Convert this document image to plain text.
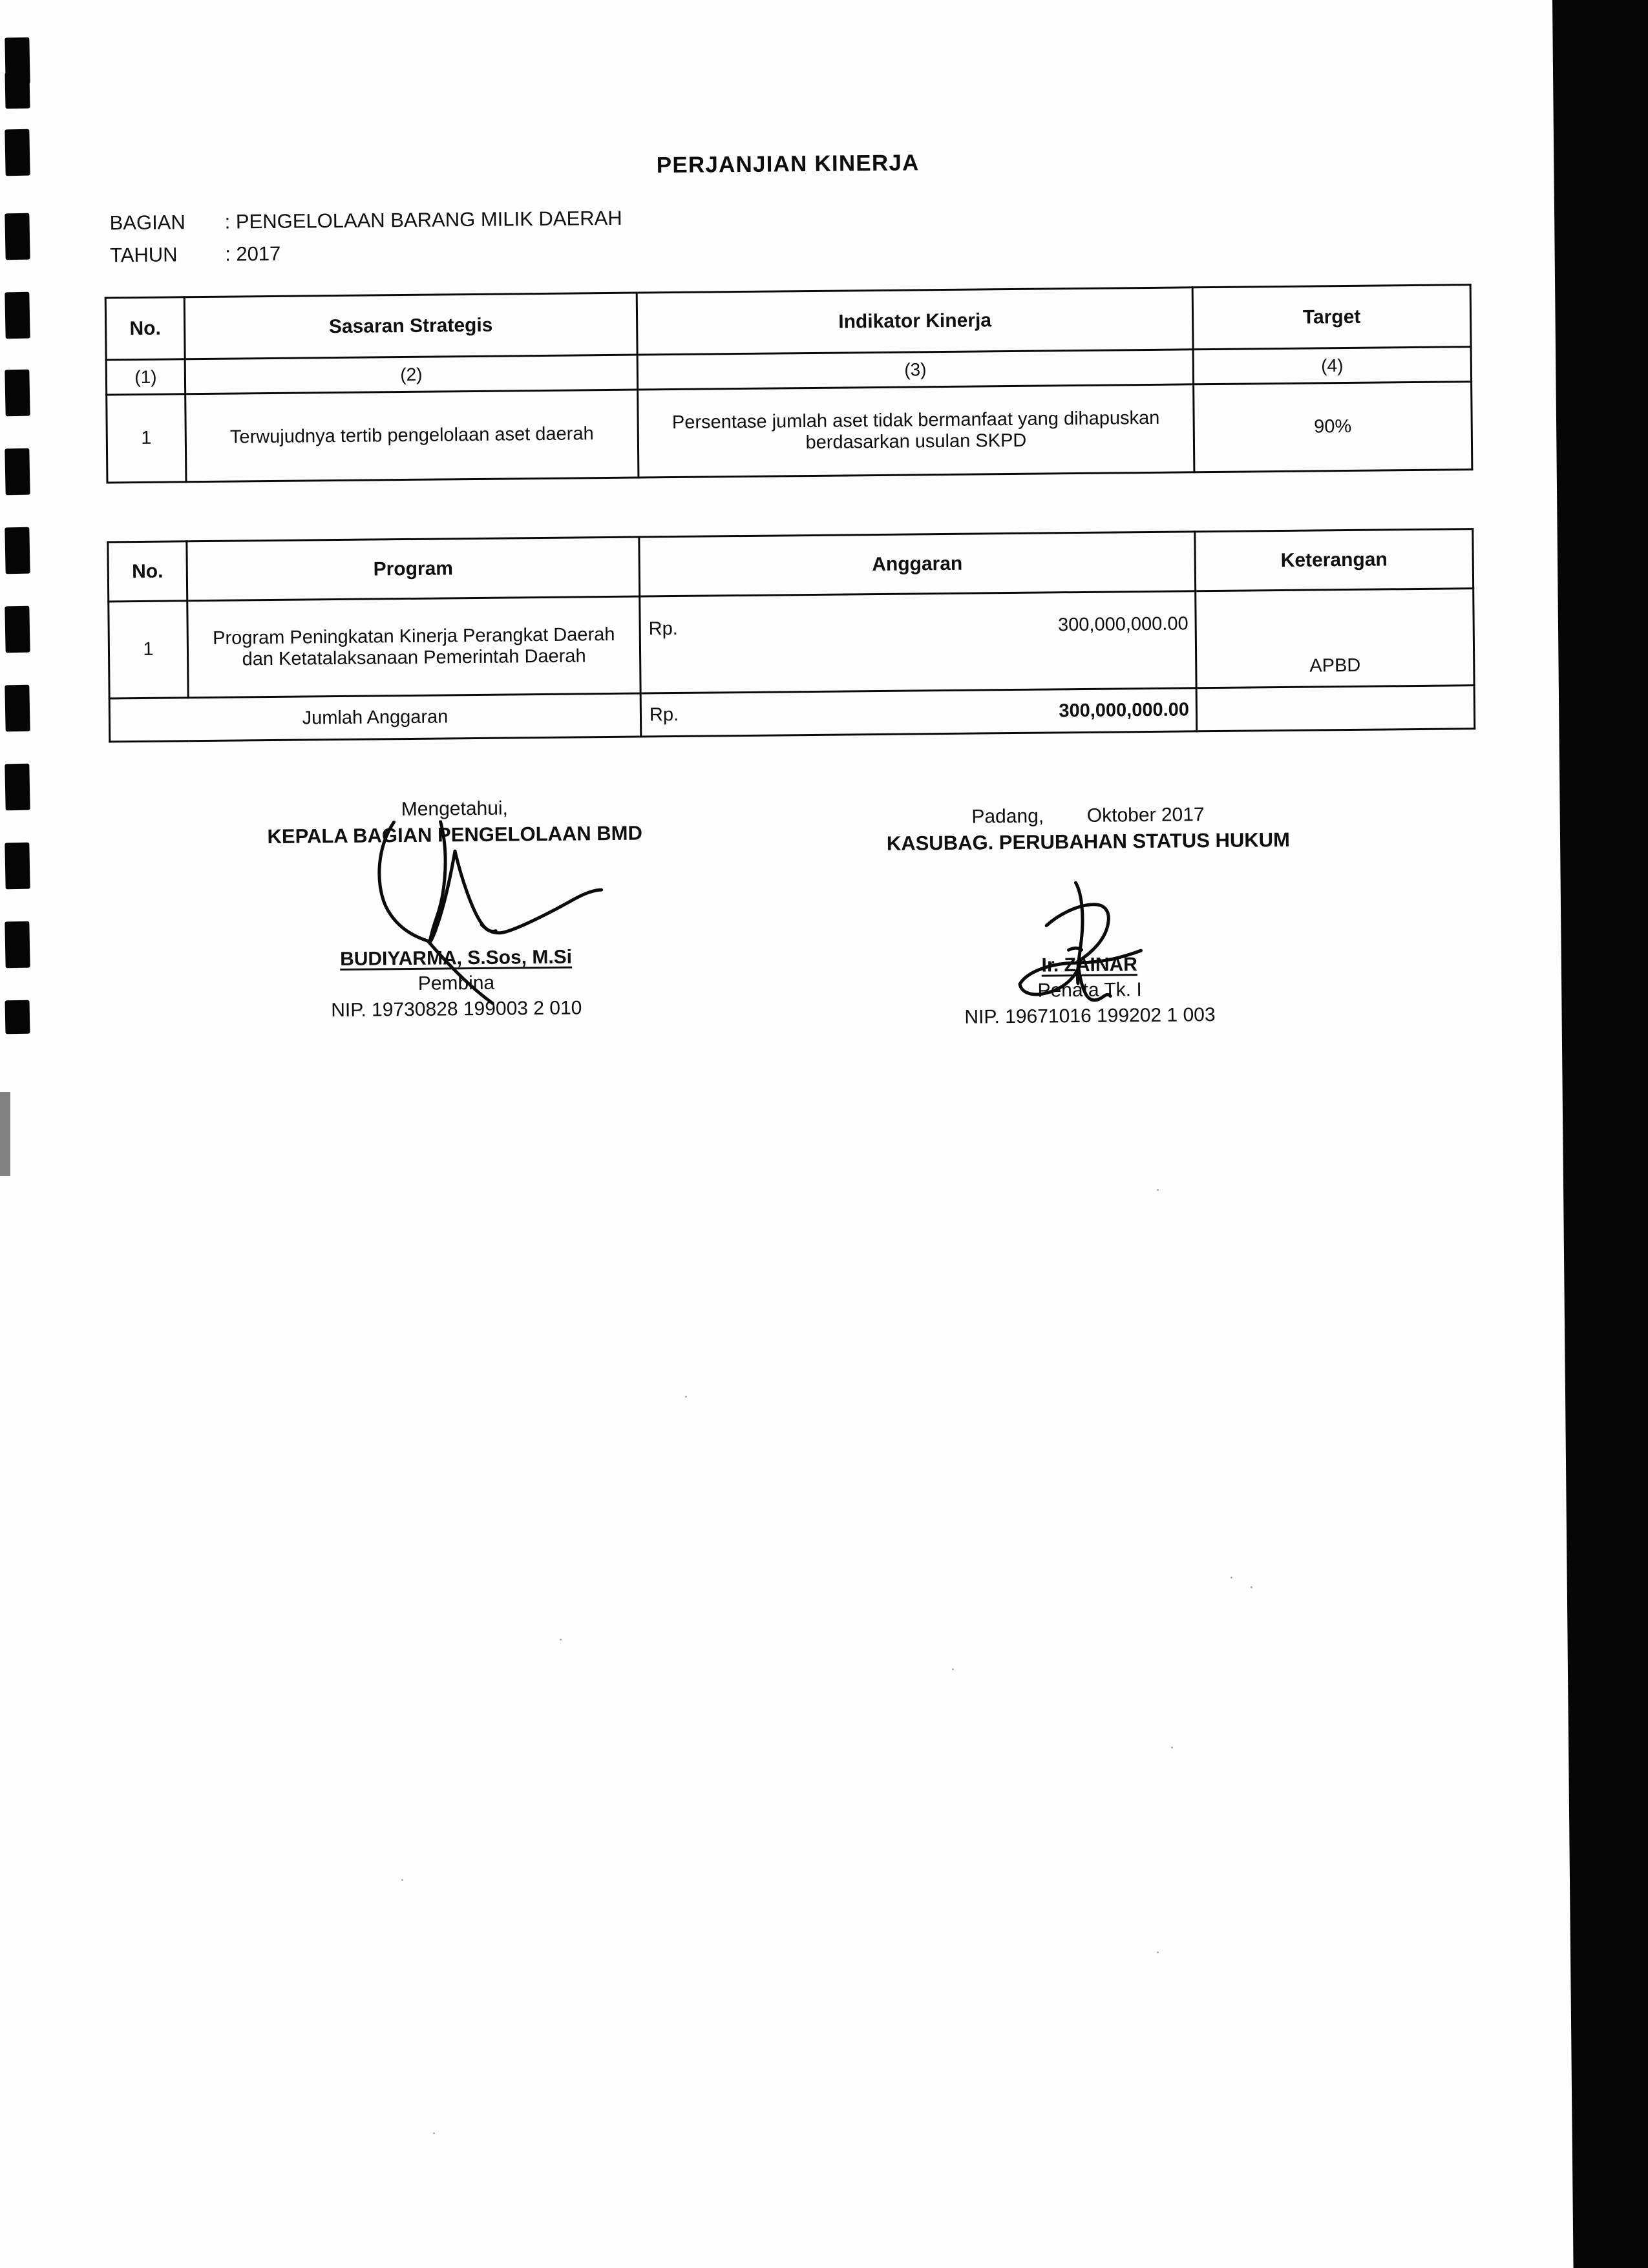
PERJANJIAN KINERJA
BAGIAN : PENGELOLAAN BARANG MILIK DAERAH
TAHUN : 2017
No.	Sasaran Strategis	Indikator Kinerja	Target
(1)	(2)	(3)	(4)
1	Terwujudnya tertib pengelolaan aset daerah	Persentase jumlah aset tidak bermanfaat yang dihapuskan berdasarkan usulan SKPD	90%
No.	Program	Anggaran	Keterangan
1	Program Peningkatan Kinerja Perangkat Daerah dan Ketatalaksanaan Pemerintah Daerah	Rp. 300,000,000.00	APBD
Jumlah Anggaran		Rp. 300,000,000.00	

Mengetahui,
KEPALA BAGIAN PENGELOLAAN BMD
BUDIYARMA, S.Sos, M.Si
Pembina
NIP. 19730828 199003 2 010
Padang,        Oktober 2017
KASUBAG. PERUBAHAN STATUS HUKUM
Ir. ZAINAR
Penata Tk. I
NIP. 19671016 199202 1 003
